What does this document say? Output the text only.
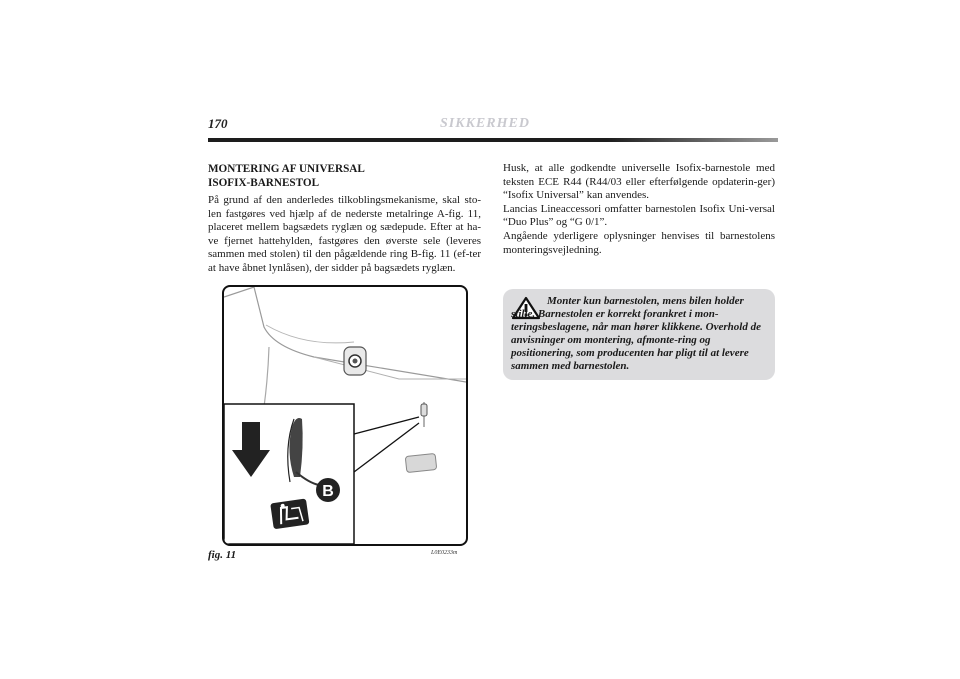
170	SIKKERHED
MONTERING AF UNIVERSAL
ISOFIX-BARNESTOL

På grund af den anderledes tilkoblingsmekanisme, skal sto-len fastgøres ved hjælp af de nederste metalringe A-fig. 11, placeret mellem bagsædets ryglæn og sædepude. Efter at ha-ve fjernet hattehylden, fastgøres den øverste sele (leveres sammen med stolen) til den pågældende ring B-fig. 11 (ef-ter at have åbnet lynlåsen), der sidder på bagsædets ryglæn.

Husk, at alle godkendte universelle Isofix-barnestole med teksten ECE R44 (R44/03 eller efterfølgende opdaterin-ger) “Isofix Universal” kan anvendes.

Lancias Lineaccessori omfatter barnestolen Isofix Uni-versal “Duo Plus” og “G 0/1”.

Angående yderligere oplysninger henvises til barnestolens monteringsvejledning.

Monter kun barnestolen, mens bilen holder stille. Barnestolen er korrekt forankret i mon-teringsbeslagene, når man hører klikkene. Overhold de anvisninger om montering, afmonte-ring og positionering, som producenten har pligt til at levere sammen med barnestolen.

B
fig. 11	L0E0233m
